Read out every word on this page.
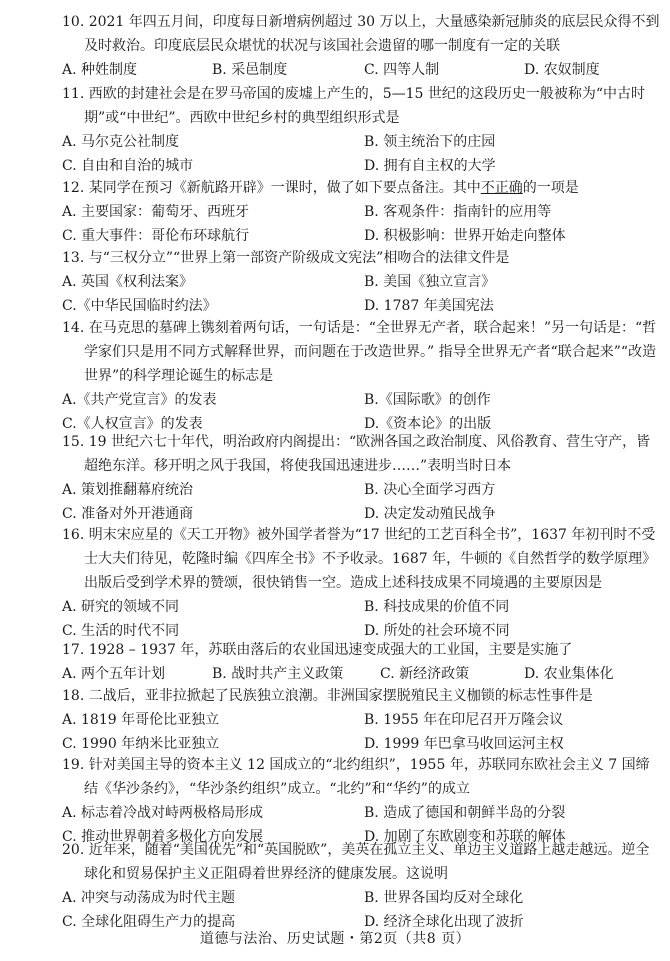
10. 2021 年四五月间，印度每日新增病例超过 30 万以上，大量感染新冠肺炎的底层民众得不到及时救治。印度底层民众堪忧的状况与该国社会遗留的哪一制度有一定的关联
A. 种姓制度	B. 采邑制度	C. 四等人制	D. 农奴制度
11. 西欧的封建社会是在罗马帝国的废墟上产生的，5—15 世纪的这段历史一般被称为“中古时期”或“中世纪”。西欧中世纪乡村的典型组织形式是
A. 马尔克公社制度	B. 领主统治下的庄园
C. 自由和自治的城市	D. 拥有自主权的大学
12. 某同学在预习《新航路开辟》一课时，做了如下要点备注。其中不正确的一项是
A. 主要国家：葡萄牙、西班牙	B. 客观条件：指南针的应用等
C. 重大事件：哥伦布环球航行	D. 积极影响：世界开始走向整体
13. 与“三权分立”“世界上第一部资产阶级成文宪法”相吻合的法律文件是
A. 英国《权利法案》	B. 美国《独立宣言》
C.《中华民国临时约法》	D. 1787 年美国宪法
14. 在马克思的墓碑上镌刻着两句话，一句话是：“全世界无产者，联合起来！”另一句话是：“哲学家们只是用不同方式解释世界，而问题在于改造世界。” 指导全世界无产者“联合起来”“改造世界”的科学理论诞生的标志是
A.《共产党宣言》的发表	B.《国际歌》的创作
C.《人权宣言》的发表	D.《资本论》的出版
15. 19 世纪六七十年代，明治政府内阁提出：“欧洲各国之政治制度、风俗教育、营生守产，皆超绝东洋。移开明之风于我国，将使我国迅速进步……”表明当时日本
A. 策划推翻幕府统治	B. 决心全面学习西方
C. 准备对外开港通商	D. 决定发动殖民战争
16. 明末宋应星的《天工开物》被外国学者誉为“17 世纪的工艺百科全书”，1637 年初刊时不受士大夫们待见，乾隆时编《四库全书》不予收录。1687 年，牛顿的《自然哲学的数学原理》出版后受到学术界的赞颂，很快销售一空。造成上述科技成果不同境遇的主要原因是
A. 研究的领域不同	B. 科技成果的价值不同
C. 生活的时代不同	D. 所处的社会环境不同
17. 1928 – 1937 年，苏联由落后的农业国迅速变成强大的工业国，主要是实施了
A. 两个五年计划	B. 战时共产主义政策	C. 新经济政策	D. 农业集体化
18. 二战后，亚非拉掀起了民族独立浪潮。非洲国家摆脱殖民主义枷锁的标志性事件是
A. 1819 年哥伦比亚独立	B. 1955 年在印尼召开万隆会议
C. 1990 年纳米比亚独立	D. 1999 年巴拿马收回运河主权
19. 针对美国主导的资本主义 12 国成立的“北约组织”，1955 年，苏联同东欧社会主义 7 国缔结《华沙条约》，“华沙条约组织”成立。“北约”和“华约”的成立
A. 标志着冷战对峙两极格局形成	B. 造成了德国和朝鲜半岛的分裂
C. 推动世界朝着多极化方向发展	D. 加剧了东欧剧变和苏联的解体
20. 近年来，随着“美国优先”和“英国脱欧”，美英在孤立主义、单边主义道路上越走越远。逆全球化和贸易保护主义正阻碍着世界经济的健康发展。这说明
A. 冲突与动荡成为时代主题	B. 世界各国均反对全球化
C. 全球化阻碍生产力的提高	D. 经济全球化出现了波折
道德与法治、历史试题・第2页（共8 页）
